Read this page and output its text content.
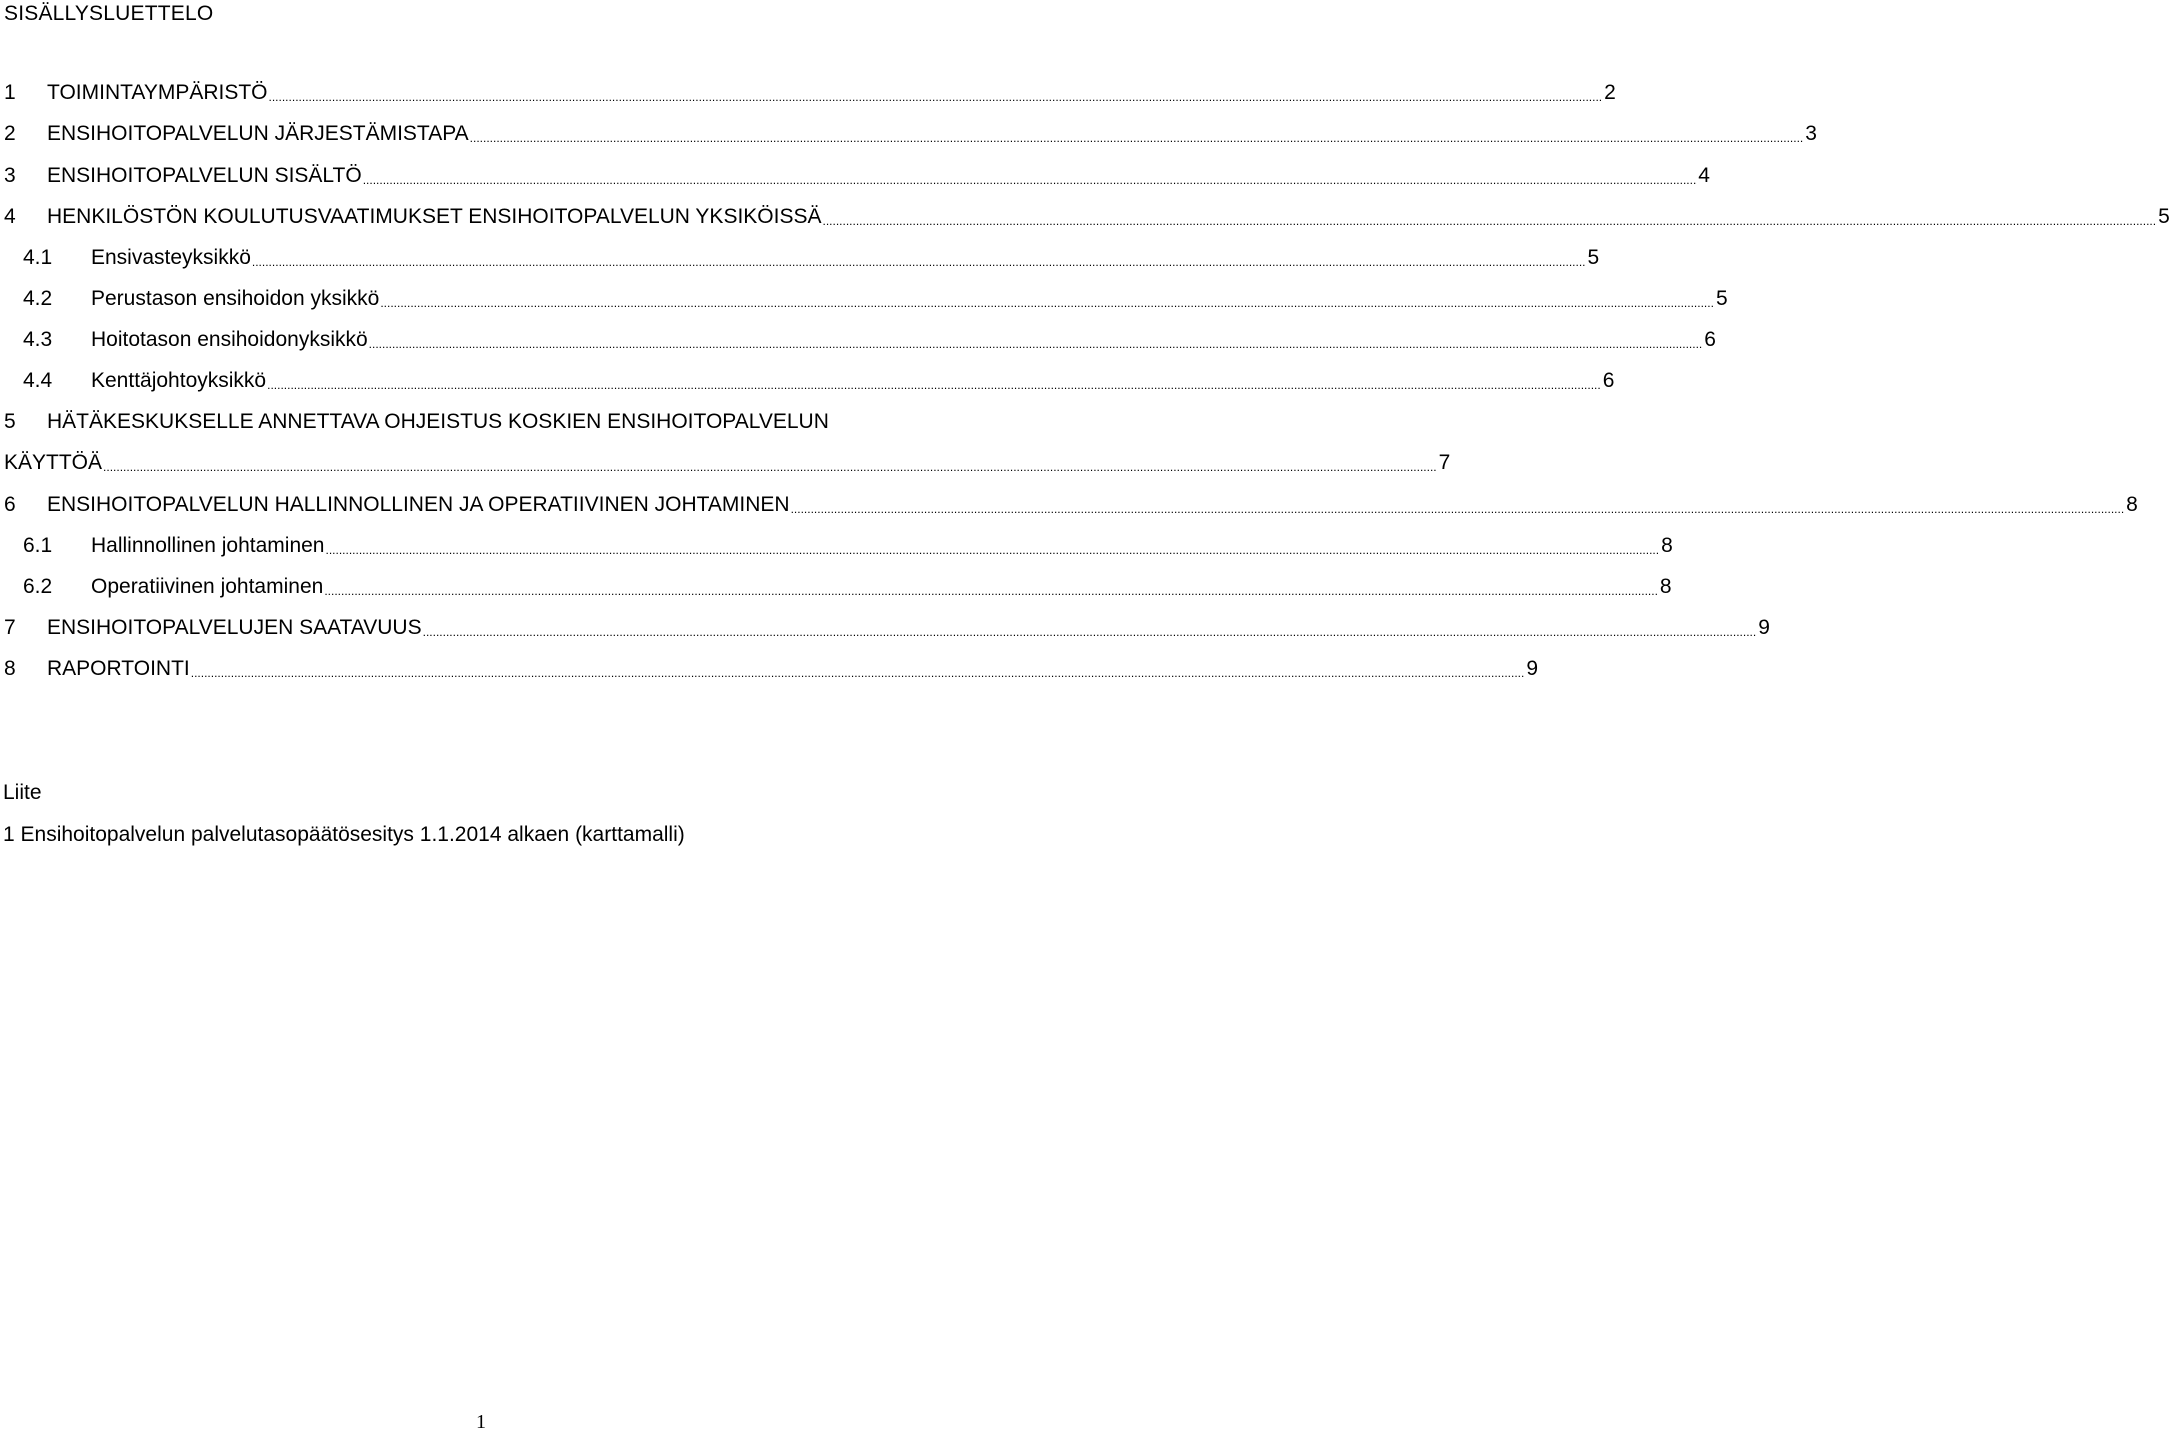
SISÄLLYSLUETTELO
1 TOIMINTAYMPÄRISTÖ ................................................................................................................................................................................................................................................................................................................................................................................................................ 2
2 ENSIHOITOPALVELUN JÄRJESTÄMISTAPA ................................................................................................................................................................................................................................................................................................................................................................................................................ 3
3 ENSIHOITOPALVELUN SISÄLTÖ ................................................................................................................................................................................................................................................................................................................................................................................................................ 4
4 HENKILÖSTÖN KOULUTUSVAATIMUKSET ENSIHOITOPALVELUN YKSIKÖISSÄ ................................................................................................................................................................................................................................................................................................................................................................................................................ 5
4.1 Ensivasteyksikkö ................................................................................................................................................................................................................................................................................................................................................................................................................ 5
4.2 Perustason ensihoidon yksikkö ................................................................................................................................................................................................................................................................................................................................................................................................................ 5
4.3 Hoitotason ensihoidonyksikkö ................................................................................................................................................................................................................................................................................................................................................................................................................ 6
4.4 Kenttäjohtoyksikkö ................................................................................................................................................................................................................................................................................................................................................................................................................ 6
5 HÄTÄKESKUKSELLE ANNETTAVA OHJEISTUS KOSKIEN ENSIHOITOPALVELUN
KÄYTTÖÄ ................................................................................................................................................................................................................................................................................................................................................................................................................ 7
6 ENSIHOITOPALVELUN HALLINNOLLINEN JA OPERATIIVINEN JOHTAMINEN ................................................................................................................................................................................................................................................................................................................................................................................................................ 8
6.1 Hallinnollinen johtaminen ................................................................................................................................................................................................................................................................................................................................................................................................................ 8
6.2 Operatiivinen johtaminen ................................................................................................................................................................................................................................................................................................................................................................................................................ 8
7 ENSIHOITOPALVELUJEN SAATAVUUS ................................................................................................................................................................................................................................................................................................................................................................................................................ 9
8 RAPORTOINTI ................................................................................................................................................................................................................................................................................................................................................................................................................ 9
Liite
1 Ensihoitopalvelun palvelutasopäätösesitys 1.1.2014 alkaen (karttamalli)
1
